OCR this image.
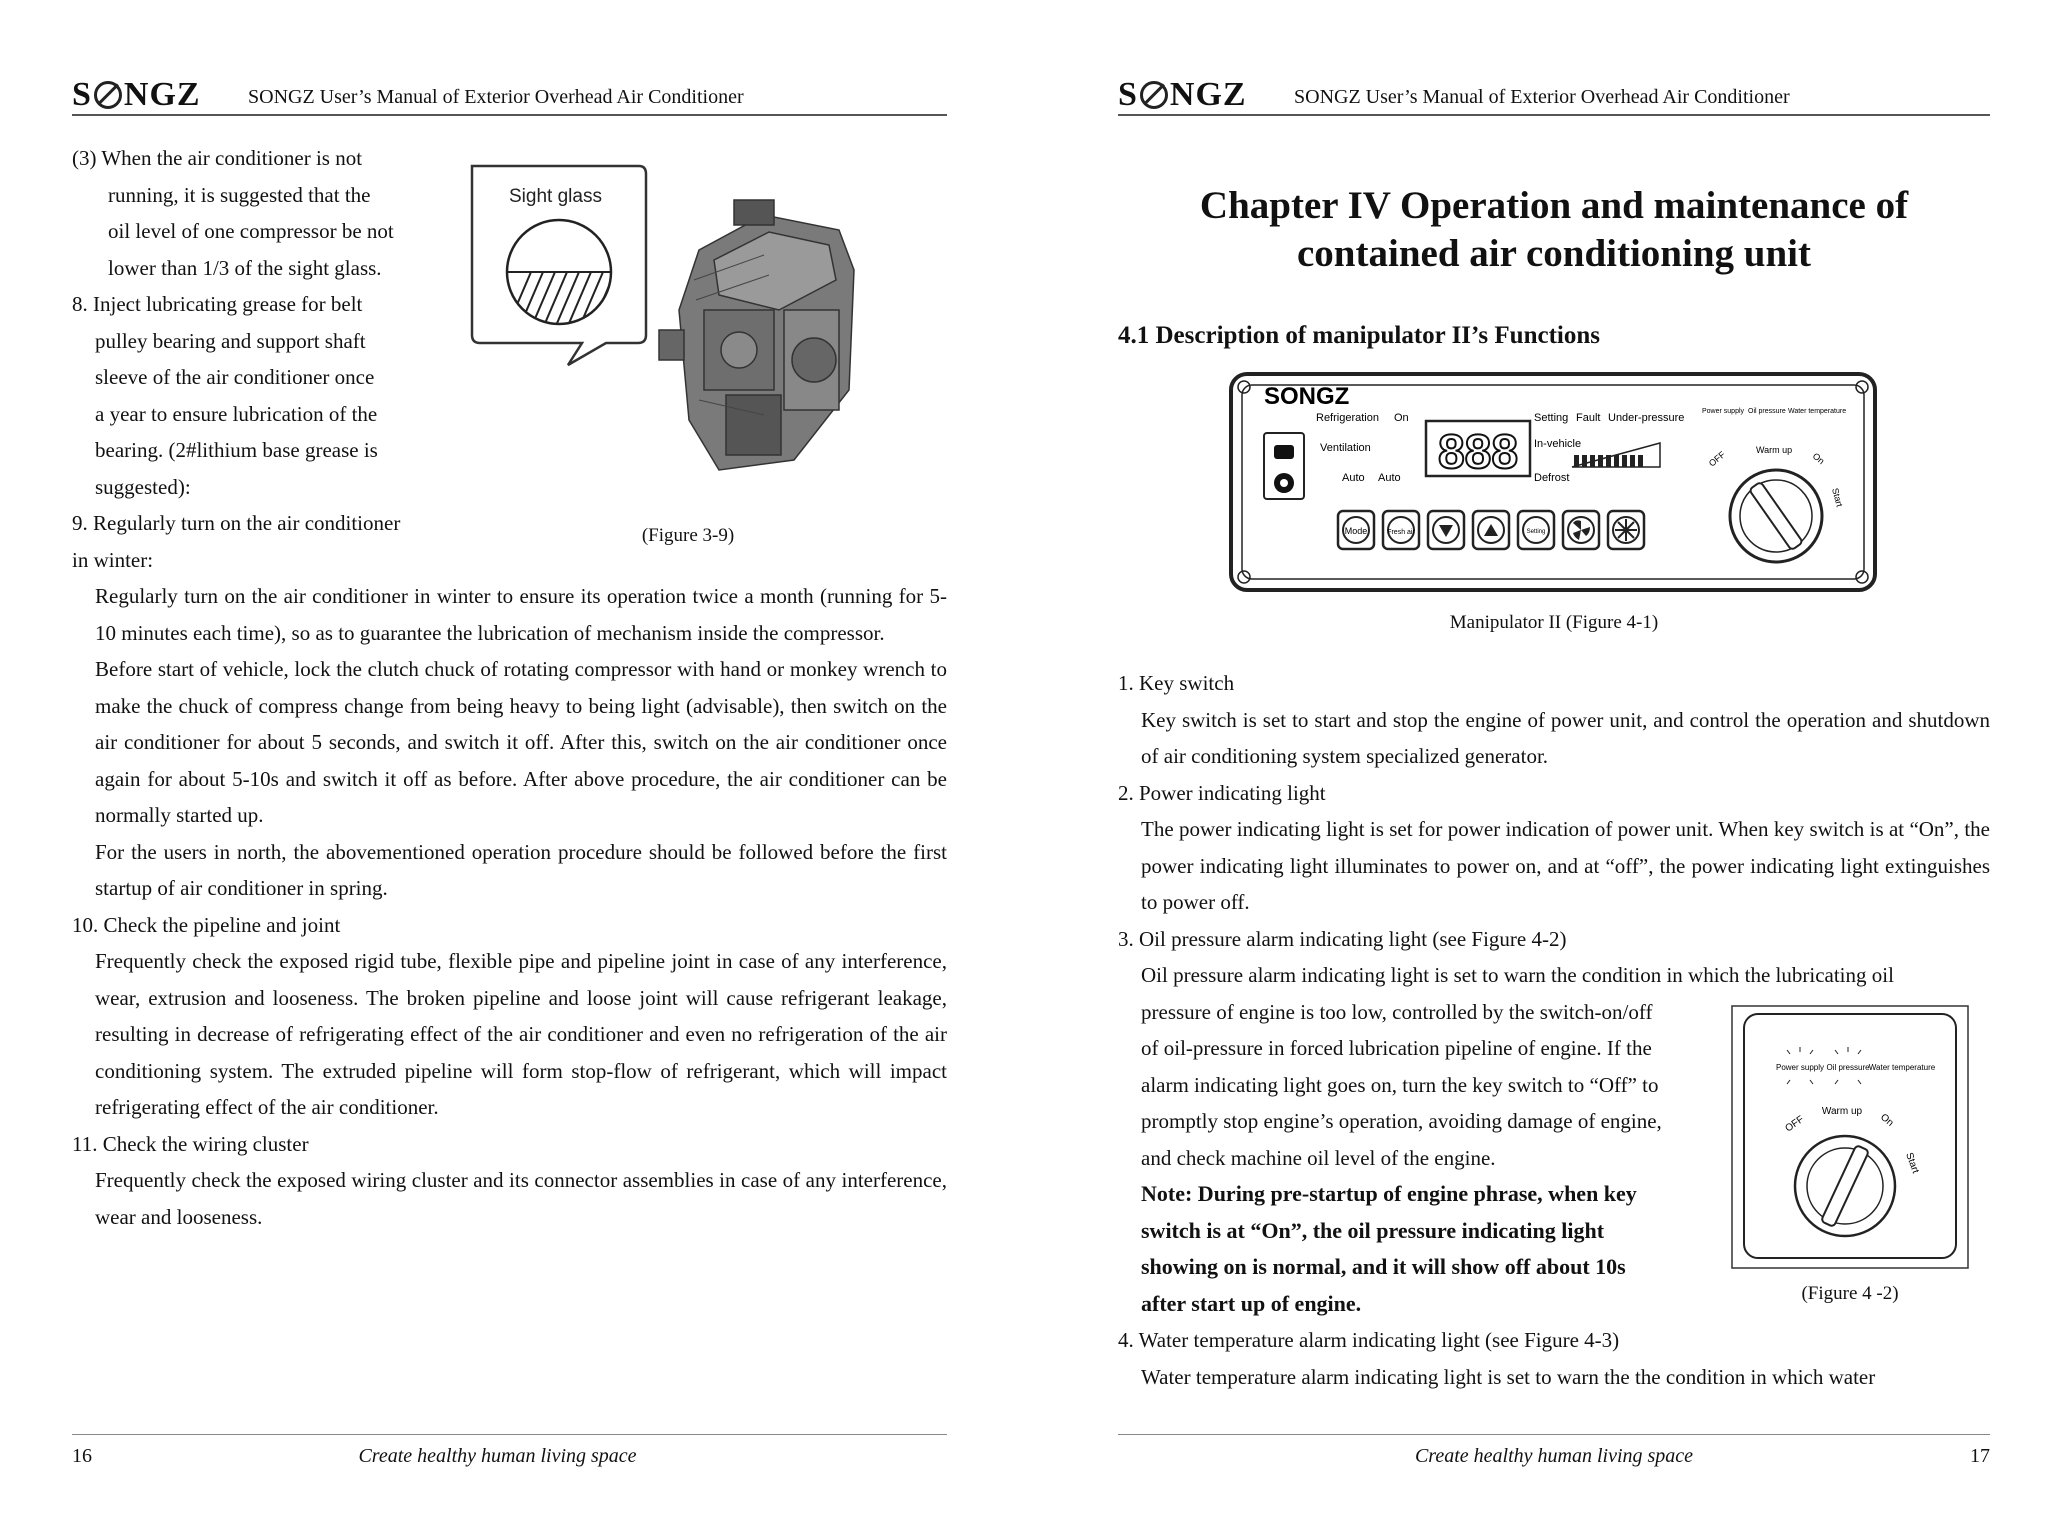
S NGZ SONGZ User’s Manual of Exterior Overhead Air Conditioner

(3) When the air conditioner is not

running, it is suggested that the

oil level of one compressor be not

lower than 1/3 of the sight glass.

8. Inject lubricating grease for belt

pulley bearing and support shaft

sleeve of the air conditioner once

a year to ensure lubrication of the

bearing. (2#lithium base grease is

suggested):

9. Regularly turn on the air conditioner

in winter:

Sight glass
(Figure 3-9)

Regularly turn on the air conditioner in winter to ensure its operation twice a month (running for 5-10 minutes each time), so as to guarantee the lubrication of mechanism inside the compressor.

Before start of vehicle, lock the clutch chuck of rotating compressor with hand or monkey wrench to make the chuck of compress change from being heavy to being light (advisable), then switch on the air conditioner for about 5 seconds, and switch it off. After this, switch on the air conditioner once again for about 5-10s and switch it off as before. After above procedure, the air conditioner can be normally started up.

For the users in north, the abovementioned operation procedure should be followed before the first startup of air conditioner in spring.

10. Check the pipeline and joint

Frequently check the exposed rigid tube, flexible pipe and pipeline joint in case of any interference, wear, extrusion and looseness. The broken pipeline and loose joint will cause refrigerant leakage, resulting in decrease of refrigerating effect of the air conditioner and even no refrigeration of the air conditioning system. The extruded pipeline will form stop-flow of refrigerant, which will impact refrigerating effect of the air conditioner.

11. Check the wiring cluster

Frequently check the exposed wiring cluster and its connector assemblies in case of any interference, wear and looseness.

16	Create healthy human living space
S NGZ SONGZ User’s Manual of Exterior Overhead Air Conditioner
Chapter IV Operation and maintenance of
contained air conditioning unit
4.1 Description of manipulator II’s Functions
SONGZ
Refrigeration On
Ventilation
Auto Auto 888
Setting Fault Under-pressure
In-vehicle
Defrost
Power supply Oil pressure Water temperature
Mode	Fresh air	Setting
OFF	Warm up
On
Start
Manipulator II (Figure 4-1)

1. Key switch

Key switch is set to start and stop the engine of power unit, and control the operation and shutdown of air conditioning system specialized generator.

2. Power indicating light

The power indicating light is set for power indication of power unit. When key switch is at “On”, the power indicating light illuminates to power on, and at “off”, the power indicating light extinguishes to power off.

3. Oil pressure alarm indicating light (see Figure 4-2)

Oil pressure alarm indicating light is set to warn the condition in which the lubricating oil

pressure of engine is too low, controlled by the switch-on/off

of oil-pressure in forced lubrication pipeline of engine. If the

alarm indicating light goes on, turn the key switch to “Off” to

promptly stop engine’s operation, avoiding damage of engine,

and check machine oil level of the engine.

Note: During pre-startup of engine phrase, when key

switch is at “On”, the oil pressure indicating light

showing on is normal, and it will show off about 10s

after start up of engine.

Power supply Oil pressure Water temperature
Warm up
OFF	On
Start
(Figure 4 -2)

4. Water temperature alarm indicating light (see Figure 4-3)

Water temperature alarm indicating light is set to warn the the condition in which water

Create healthy human living space	17
